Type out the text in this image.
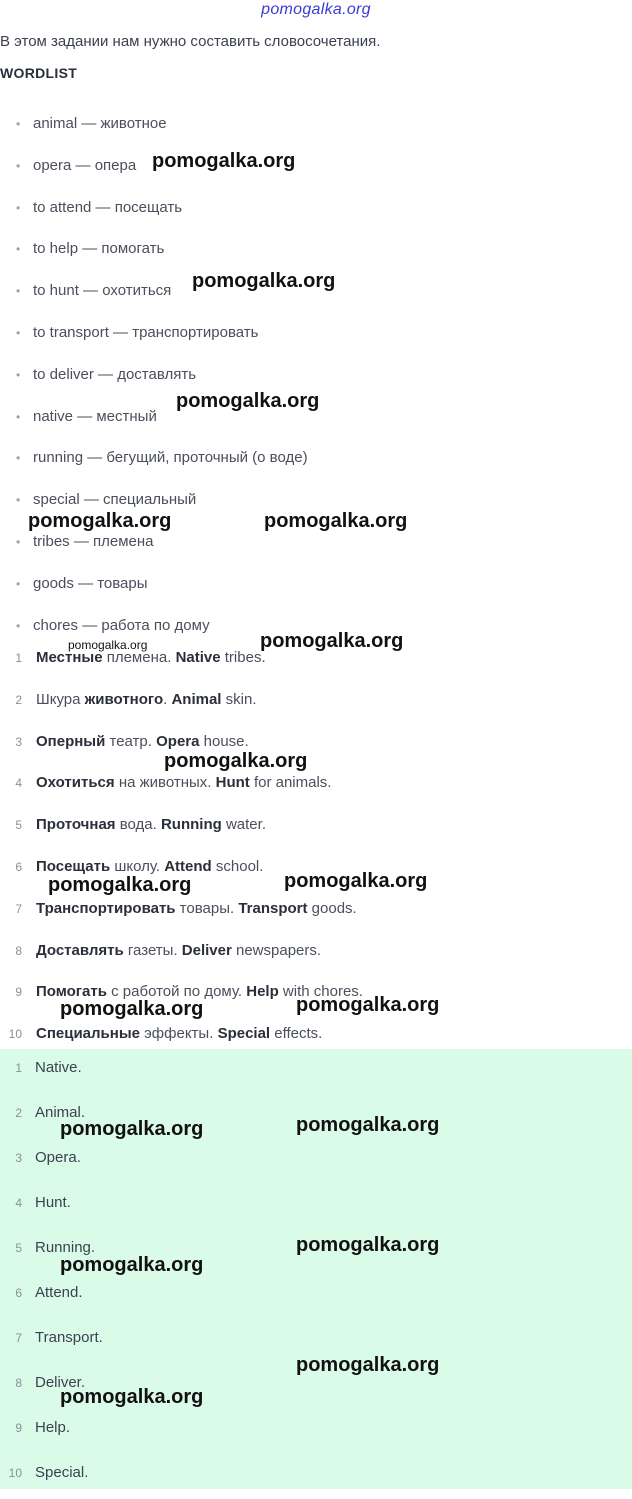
pomogalka.org
В этом задании нам нужно составить словосочетания.
WORDLIST
• animal — животное
• opera — опера
• to attend — посещать
• to help — помогать
• to hunt — охотиться
• to transport — транспортировать
• to deliver — доставлять
• native — местный
• running — бегущий, проточный (о воде)
• special — специальный
• tribes — племена
• goods — товары
• chores — работа по дому
1 Местные племена. Native tribes.
2 Шкура животного. Animal skin.
3 Оперный театр. Opera house.
4 Охотиться на животных. Hunt for animals.
5 Проточная вода. Running water.
6 Посещать школу. Attend school.
7 Транспортировать товары. Transport goods.
8 Доставлять газеты. Deliver newspapers.
9 Помогать с работой по дому. Help with chores.
10 Специальные эффекты. Special effects.
1 Native.
2 Animal.
3 Opera.
4 Hunt.
5 Running.
6 Attend.
7 Transport.
8 Deliver.
9 Help.
10 Special.
pomogalka.org
pomogalka.org
pomogalka.org
pomogalka.org	pomogalka.org
pomogalka.org	pomogalka.org
pomogalka.org
pomogalka.org	pomogalka.org
pomogalka.org	pomogalka.org
pomogalka.org	pomogalka.org
pomogalka.org
pomogalka.org
pomogalka.org
pomogalka.org
